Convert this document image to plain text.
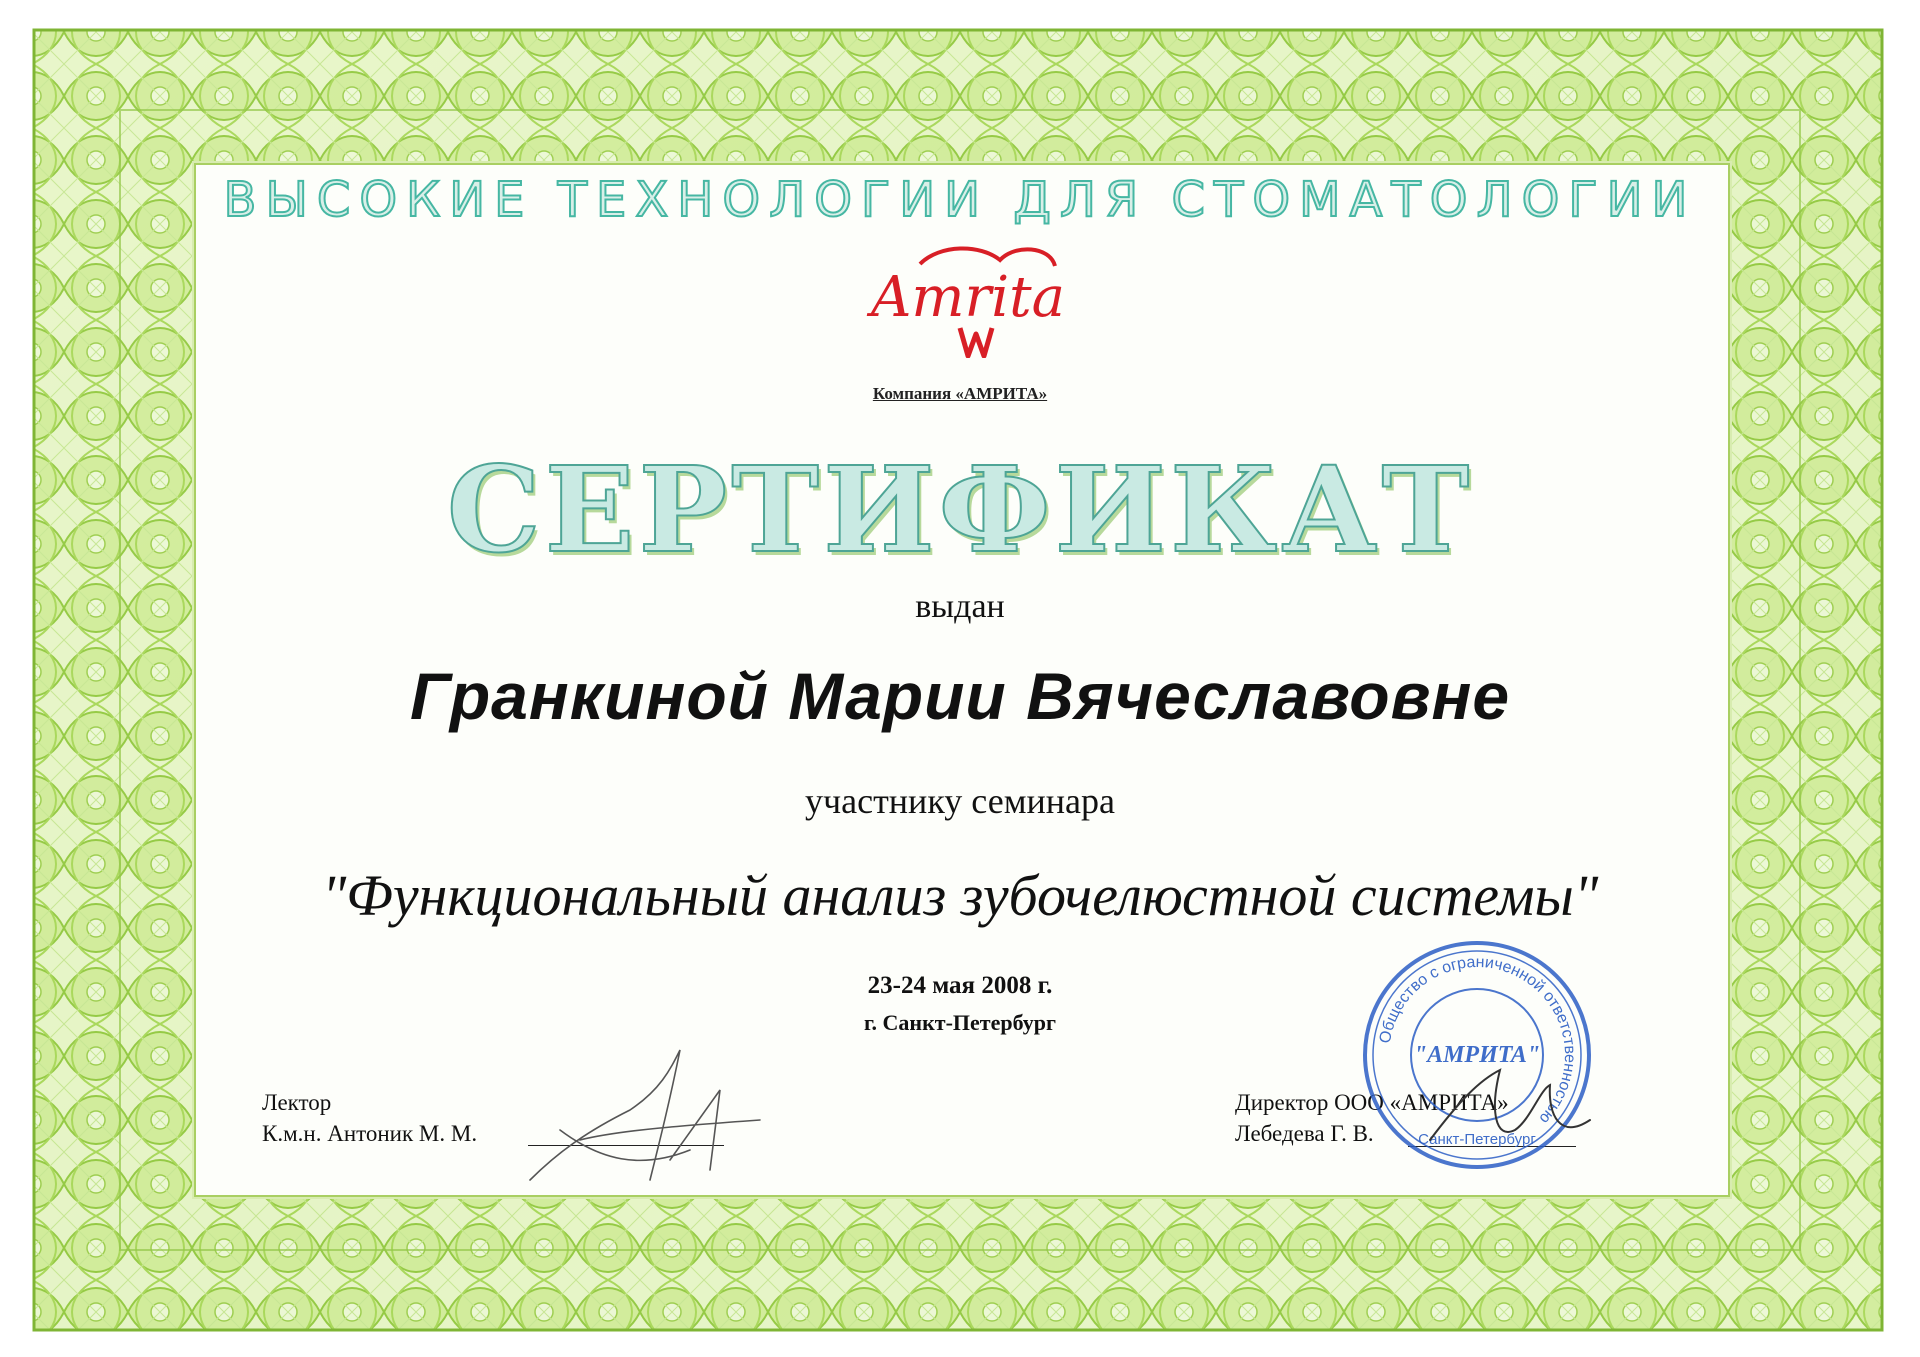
ВЫСОКИЕ ТЕХНОЛОГИИ ДЛЯ СТОМАТОЛОГИИ
Amrita
Компания «АМРИТА»
СЕРТИФИКАТ
выдан
Гранкиной Марии Вячеславовне
участнику семинара
"Функциональный анализ зубочелюстной системы"
23-24 мая 2008 г.
г. Санкт-Петербург
Лектор
К.м.н. Антоник М. М.
Директор ООО «АМРИТА»
Лебедева Г. В.
Общество с ограниченной ответственностью
"АМРИТА"
Санкт-Петербург
